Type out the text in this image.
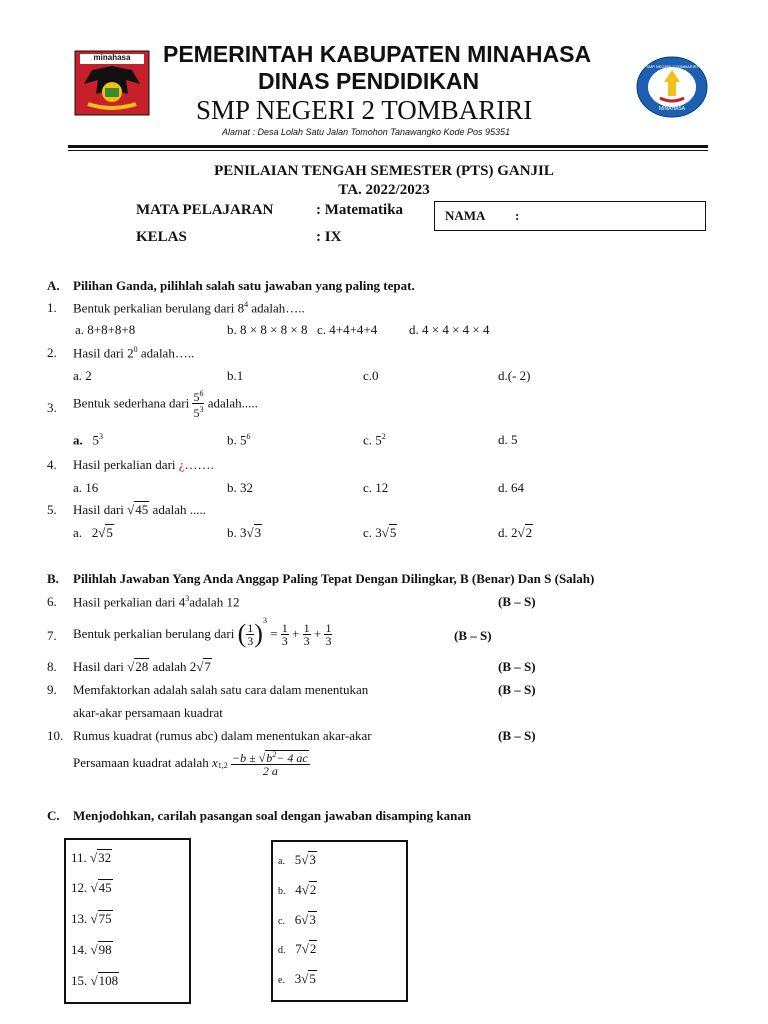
minahasa	PEMERINTAH KABUPATEN MINAHASA
DINAS PENDIDIKAN
SMP NEGERI 2 TOMBARIRI
Alamat : Desa Lolah Satu Jalan Tomohon Tanawangko Kode Pos 95351
SMP NEGERI 2 TOMBARIRI
MINAHASA
PENILAIAN TENGAH SEMESTER (PTS) GANJIL
TA. 2022/2023
MATA PELAJARAN	: Matematika
KELAS	: IX
NAMA :
A. Pilihan Ganda, pilihlah salah satu jawaban yang paling tepat.
1. Bentuk perkalian berulang dari $8^4$ adalah…..
a. 8+8+8+8	b. 8 × 8 × 8 × 8 c. 4+4+4+4 d. 4 × 4 × 4 × 4
2. Hasil dari $2^0$ adalah…..
a. 2	b.1	c.0	d.(- 2)
3. Bentuk sederhana dari $\frac{5^6}{5^3}$ adalah.....
a. $5^3$	b. $5^6$	c. $5^2$	d. 5
4. Hasil perkalian dari ¿…….
a. 16	b. 32	c. 12	d. 64
5. Hasil dari √45 adalah .....
a. 2√5	b. 3√3	c. 3√5	d. 2√2
B. Pilihlah Jawaban Yang Anda Anggap Paling Tepat Dengan Dilingkar, B (Benar) Dan S (Salah)
6. Hasil perkalian dari $4^3adalah$ 12	(B – S)
7. Bentuk perkalian berulang dari ( $\frac{1}{3} )^3 = \frac{1}{3} + \frac{1}{3} + \frac{1}{3}$	(B – S)
8. Hasil dari √28 adalah 2√7	(B – S)
9. Memfaktorkan adalah salah satu cara dalam menentukan
akar-akar persamaan kuadrat
(B – S)
10. Rumus kuadrat (rumus abc) dalam menentukan akar-akar	(B – S)
Persamaan kuadrat adalah $x_{1,2} \frac{-b \pm √b^2- 4 ac}{2 a}$
C. Menjodohkan, carilah pasangan soal dengan jawaban disamping kanan
11. √32
12. √45
13. √75
14. √98
15. √108
a. 5√3
b. 4√2
c. 6√3
d. 7√2
e. 3√5
